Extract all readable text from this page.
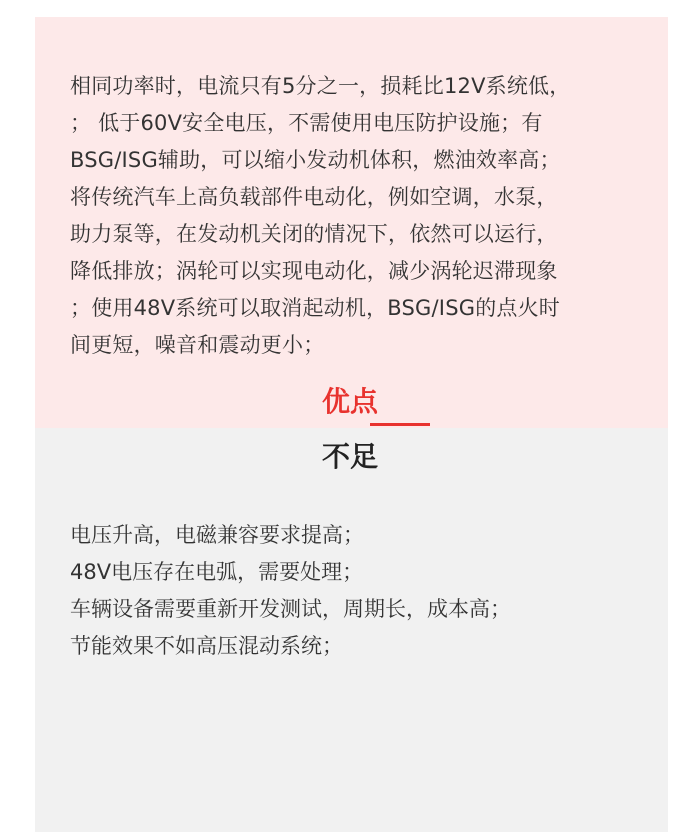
相同功率时，电流只有5分之一，损耗比12V系统低，
； 低于60V安全电压，不需使用电压防护设施；有
BSG/ISG辅助，可以缩小发动机体积，燃油效率高；
将传统汽车上高负载部件电动化，例如空调，水泵，
助力泵等，在发动机关闭的情况下，依然可以运行，
降低排放；涡轮可以实现电动化，减少涡轮迟滞现象
；使用48V系统可以取消起动机，BSG/ISG的点火时
间更短，噪音和震动更小；

优点
不足
电压升高，电磁兼容要求提高；
48V电压存在电弧，需要处理；
车辆设备需要重新开发测试，周期长，成本高；
节能效果不如高压混动系统；
